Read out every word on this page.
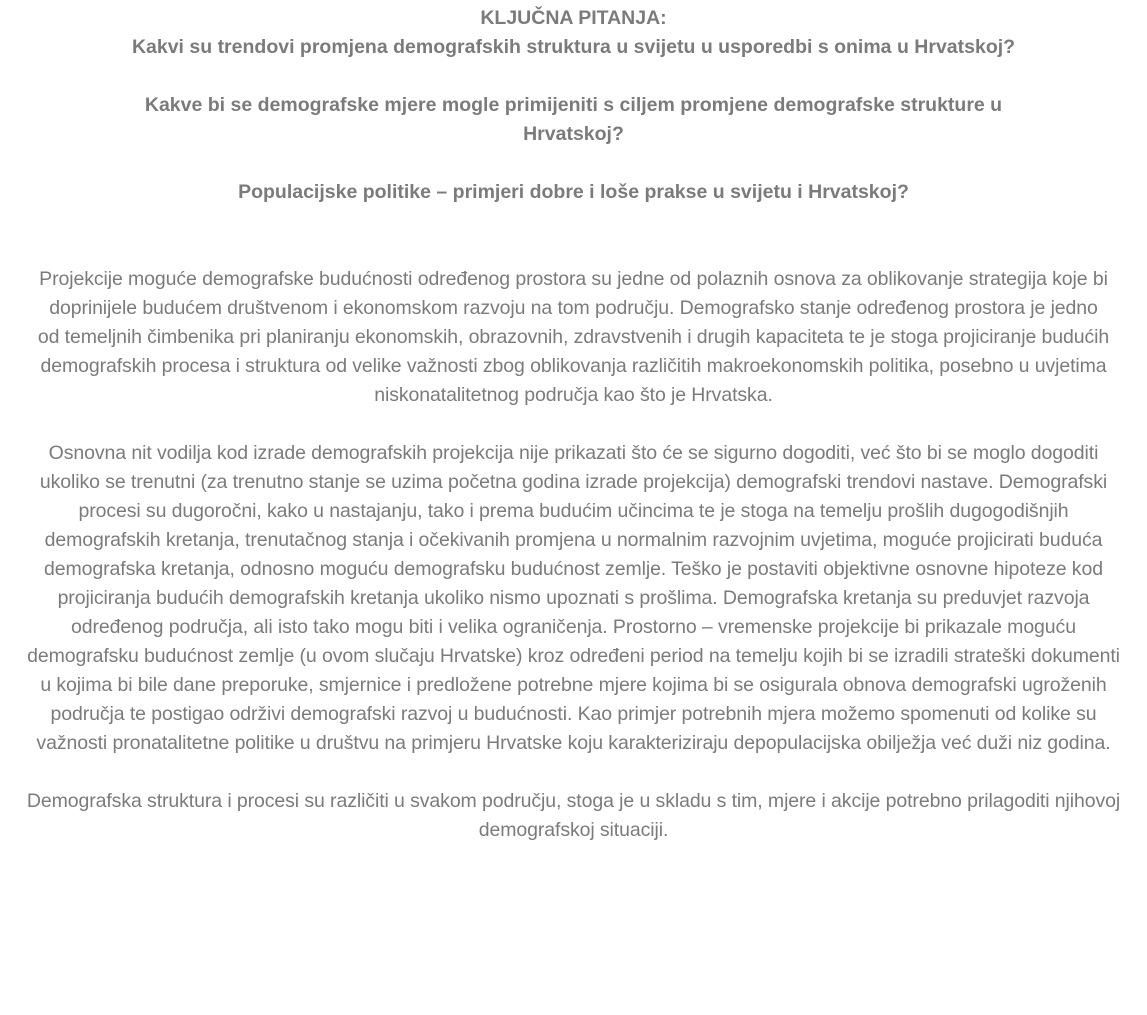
KLJUČNA PITANJA:

Kakvi su trendovi promjena demografskih struktura u svijetu u usporedbi s onima u Hrvatskoj?

Kakve bi se demografske mjere mogle primijeniti s ciljem promjene demografske strukture u Hrvatskoj?

Populacijske politike – primjeri dobre i loše prakse u svijetu i Hrvatskoj?

Projekcije moguće demografske budućnosti određenog prostora su jedne od polaznih osnova za oblikovanje strategija koje bi doprinijele budućem društvenom i ekonomskom razvoju na tom području. Demografsko stanje određenog prostora je jedno od temeljnih čimbenika pri planiranju ekonomskih, obrazovnih, zdravstvenih i drugih kapaciteta te je stoga projiciranje budućih demografskih procesa i struktura od velike važnosti zbog oblikovanja različitih makroekonomskih politika, posebno u uvjetima niskonatalitetnog područja kao što je Hrvatska.

Osnovna nit vodilja kod izrade demografskih projekcija nije prikazati što će se sigurno dogoditi, već što bi se moglo dogoditi ukoliko se trenutni (za trenutno stanje se uzima početna godina izrade projekcija) demografski trendovi nastave. Demografski procesi su dugoročni, kako u nastajanju, tako i prema budućim učincima te je stoga na temelju prošlih dugogodišnjih demografskih kretanja, trenutačnog stanja i očekivanih promjena u normalnim razvojnim uvjetima, moguće projicirati buduća demografska kretanja, odnosno moguću demografsku budućnost zemlje. Teško je postaviti objektivne osnovne hipoteze kod projiciranja budućih demografskih kretanja ukoliko nismo upoznati s prošlima. Demografska kretanja su preduvjet razvoja određenog područja, ali isto tako mogu biti i velika ograničenja. Prostorno – vremenske projekcije bi prikazale moguću demografsku budućnost zemlje (u ovom slučaju Hrvatske) kroz određeni period na temelju kojih bi se izradili strateški dokumenti u kojima bi bile dane preporuke, smjernice i predložene potrebne mjere kojima bi se osigurala obnova demografski ugroženih područja te postigao održivi demografski razvoj u budućnosti. Kao primjer potrebnih mjera možemo spomenuti od kolike su važnosti pronatalitetne politike u društvu na primjeru Hrvatske koju karakteriziraju depopulacijska obilježja već duži niz godina.

Demografska struktura i procesi su različiti u svakom području, stoga je u skladu s tim, mjere i akcije potrebno prilagoditi njihovoj demografskoj situaciji.
